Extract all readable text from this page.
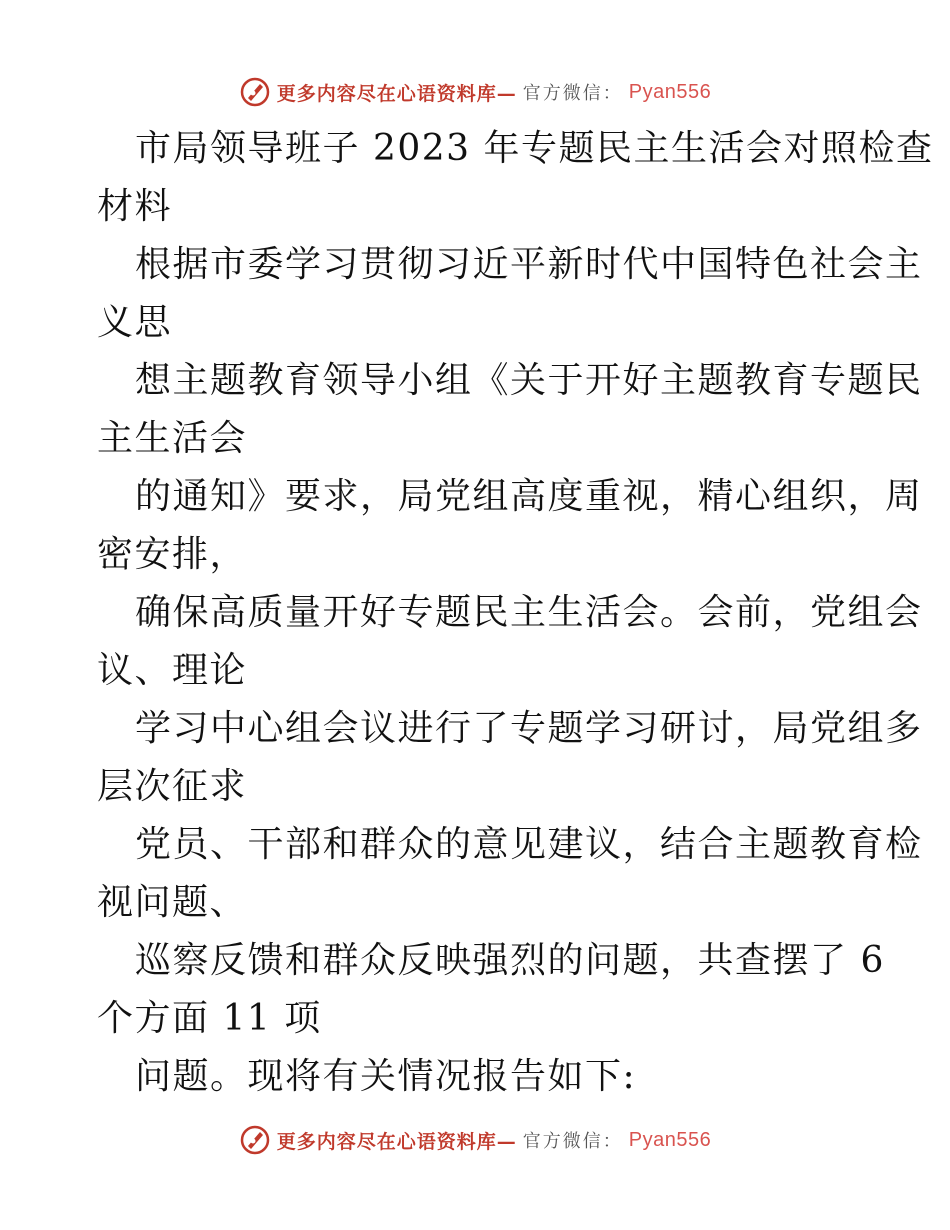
更多内容尽在心语资料库— 官方微信： Pyan556
市局领导班子 2023 年专题民主生活会对照检查
材料
根据市委学习贯彻习近平新时代中国特色社会主
义思
想主题教育领导小组《关于开好主题教育专题民
主生活会
的通知》要求，局党组高度重视，精心组织，周
密安排，
确保高质量开好专题民主生活会。会前，党组会
议、理论
学习中心组会议进行了专题学习研讨，局党组多
层次征求
党员、干部和群众的意见建议，结合主题教育检
视问题、
巡察反馈和群众反映强烈的问题，共查摆了 6
个方面 11 项
问题。现将有关情况报告如下:
更多内容尽在心语资料库— 官方微信： Pyan556
